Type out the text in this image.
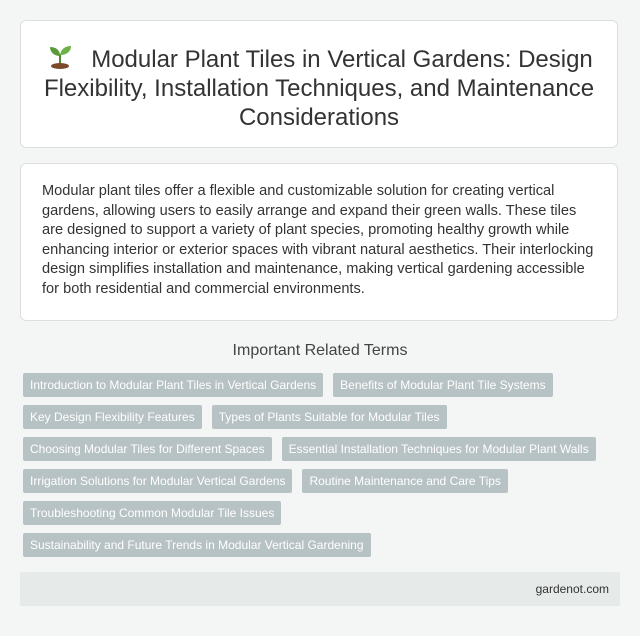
Modular Plant Tiles in Vertical Gardens: Design Flexibility, Installation Techniques, and Maintenance Considerations

Modular plant tiles offer a flexible and customizable solution for creating vertical gardens, allowing users to easily arrange and expand their green walls. These tiles are designed to support a variety of plant species, promoting healthy growth while enhancing interior or exterior spaces with vibrant natural aesthetics. Their interlocking design simplifies installation and maintenance, making vertical gardening accessible for both residential and commercial environments.

Important Related Terms
Introduction to Modular Plant Tiles in Vertical Gardens	Benefits of Modular Plant Tile Systems
Key Design Flexibility Features	Types of Plants Suitable for Modular Tiles
Choosing Modular Tiles for Different Spaces	Essential Installation Techniques for Modular Plant Walls
Irrigation Solutions for Modular Vertical Gardens	Routine Maintenance and Care Tips
Troubleshooting Common Modular Tile Issues
Sustainability and Future Trends in Modular Vertical Gardening
gardenot.com
